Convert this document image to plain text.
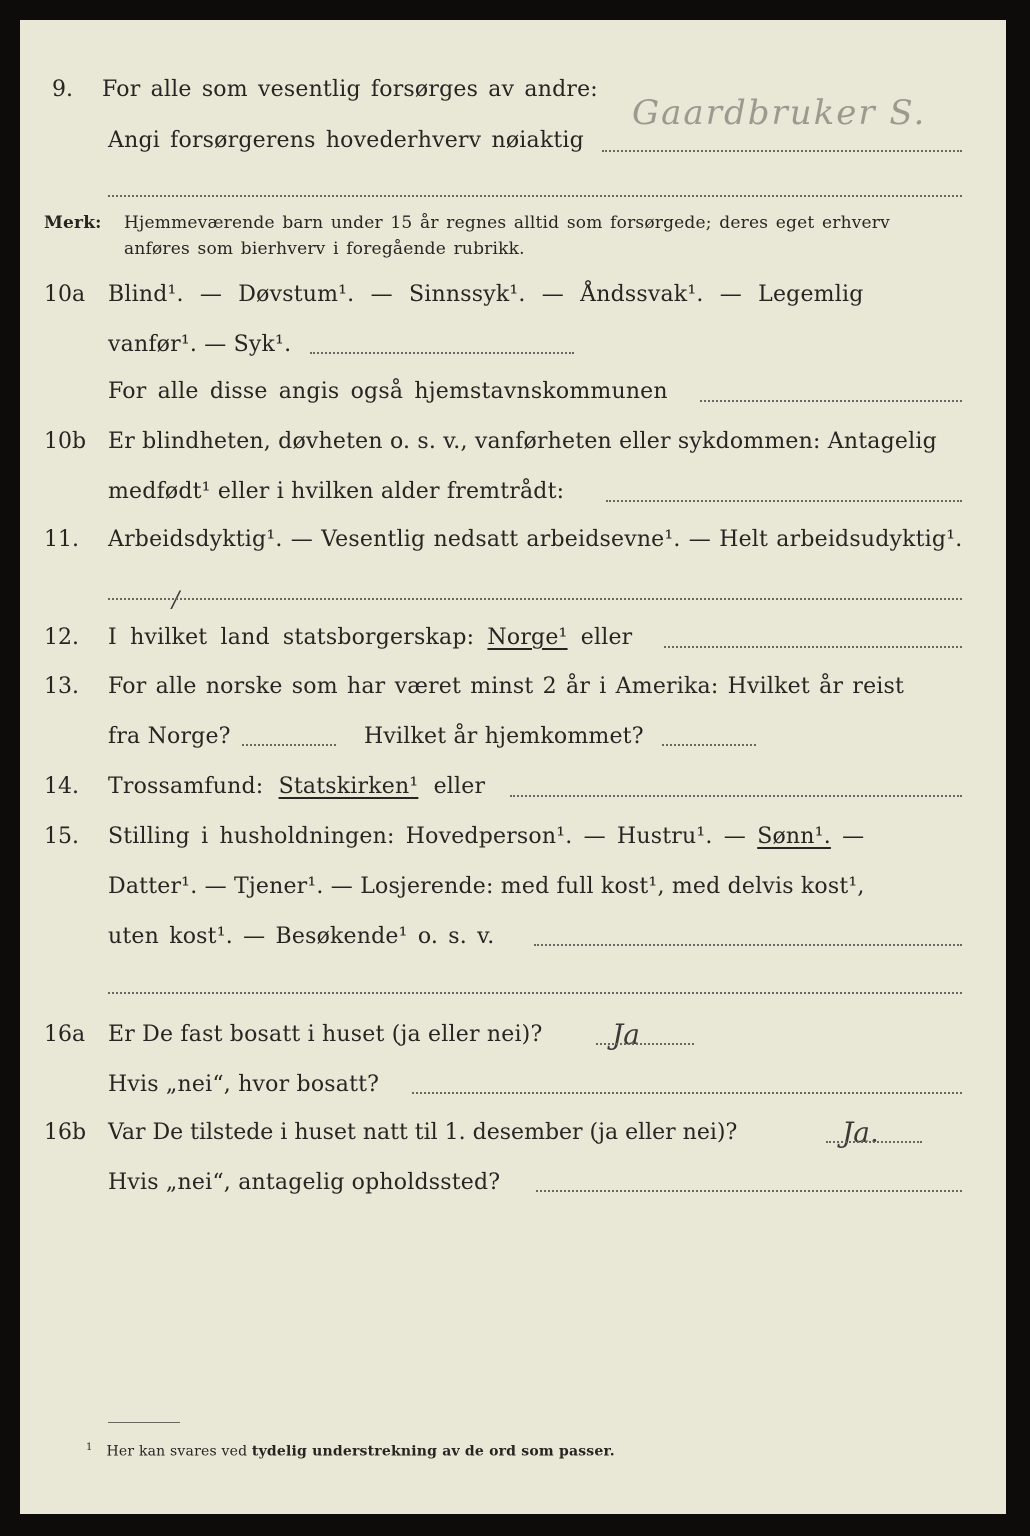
9. For alle som vesentlig forsørges av andre:
Angi forsørgerens hovederhverv nøiaktig
Gaardbruker S.
Merk: Hjemmeværende barn under 15 år regnes alltid som forsørgede; deres eget erhverv
anføres som bierhverv i foregående rubrikk.
10a Blind¹. — Døvstum¹. — Sinnssyk¹. — Åndssvak¹. — Legemlig
vanfør¹. — Syk¹.
For alle disse angis også hjemstavnskommunen
10b Er blindheten, døvheten o. s. v., vanførheten eller sykdommen: Antagelig
medfødt¹ eller i hvilken alder fremtrådt:
11. Arbeidsdyktig¹. — Vesentlig nedsatt arbeidsevne¹. — Helt arbeidsudyktig¹.
/
12. I hvilket land statsborgerskap: Norge¹ eller
13. For alle norske som har været minst 2 år i Amerika: Hvilket år reist
fra Norge?	Hvilket år hjemkommet?
14. Trossamfund: Statskirken¹ eller
15. Stilling i husholdningen: Hovedperson¹. — Hustru¹. — Sønn¹. —
Datter¹. — Tjener¹. — Losjerende: med full kost¹, med delvis kost¹,
uten kost¹. — Besøkende¹ o. s. v.
16a Er De fast bosatt i huset (ja eller nei)? Ja
Hvis „nei“, hvor bosatt?
16b Var De tilstede i huset natt til 1. desember (ja eller nei)?	Ja.
Hvis „nei“, antagelig opholdssted?
$^1$ Her kan svares ved tydelig understrekning av de ord som passer.
